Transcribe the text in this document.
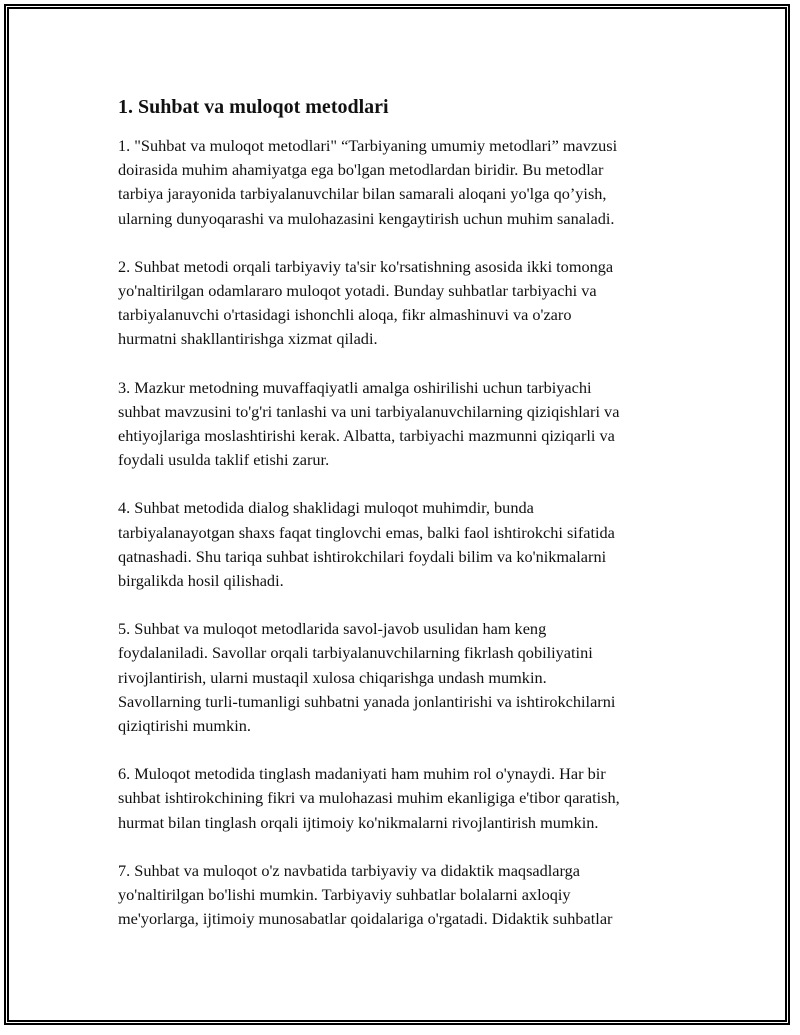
1. Suhbat va muloqot metodlari
1. "Suhbat va muloqot metodlari" “Tarbiyaning umumiy metodlari” mavzusi
doirasida muhim ahamiyatga ega bo'lgan metodlardan biridir. Bu metodlar
tarbiya jarayonida tarbiyalanuvchilar bilan samarali aloqani yo'lga qo’yish,
ularning dunyoqarashi va mulohazasini kengaytirish uchun muhim sanaladi.
2. Suhbat metodi orqali tarbiyaviy ta'sir ko'rsatishning asosida ikki tomonga
yo'naltirilgan odamlararo muloqot yotadi. Bunday suhbatlar tarbiyachi va
tarbiyalanuvchi o'rtasidagi ishonchli aloqa, fikr almashinuvi va o'zaro
hurmatni shakllantirishga xizmat qiladi.
3. Mazkur metodning muvaffaqiyatli amalga oshirilishi uchun tarbiyachi
suhbat mavzusini to'g'ri tanlashi va uni tarbiyalanuvchilarning qiziqishlari va
ehtiyojlariga moslashtirishi kerak. Albatta, tarbiyachi mazmunni qiziqarli va
foydali usulda taklif etishi zarur.
4. Suhbat metodida dialog shaklidagi muloqot muhimdir, bunda
tarbiyalanayotgan shaxs faqat tinglovchi emas, balki faol ishtirokchi sifatida
qatnashadi. Shu tariqa suhbat ishtirokchilari foydali bilim va ko'nikmalarni
birgalikda hosil qilishadi.
5. Suhbat va muloqot metodlarida savol-javob usulidan ham keng
foydalaniladi. Savollar orqali tarbiyalanuvchilarning fikrlash qobiliyatini
rivojlantirish, ularni mustaqil xulosa chiqarishga undash mumkin.
Savollarning turli-tumanligi suhbatni yanada jonlantirishi va ishtirokchilarni
qiziqtirishi mumkin.
6. Muloqot metodida tinglash madaniyati ham muhim rol o'ynaydi. Har bir
suhbat ishtirokchining fikri va mulohazasi muhim ekanligiga e'tibor qaratish,
hurmat bilan tinglash orqali ijtimoiy ko'nikmalarni rivojlantirish mumkin.
7. Suhbat va muloqot o'z navbatida tarbiyaviy va didaktik maqsadlarga
yo'naltirilgan bo'lishi mumkin. Tarbiyaviy suhbatlar bolalarni axloqiy
me'yorlarga, ijtimoiy munosabatlar qoidalariga o'rgatadi. Didaktik suhbatlar
